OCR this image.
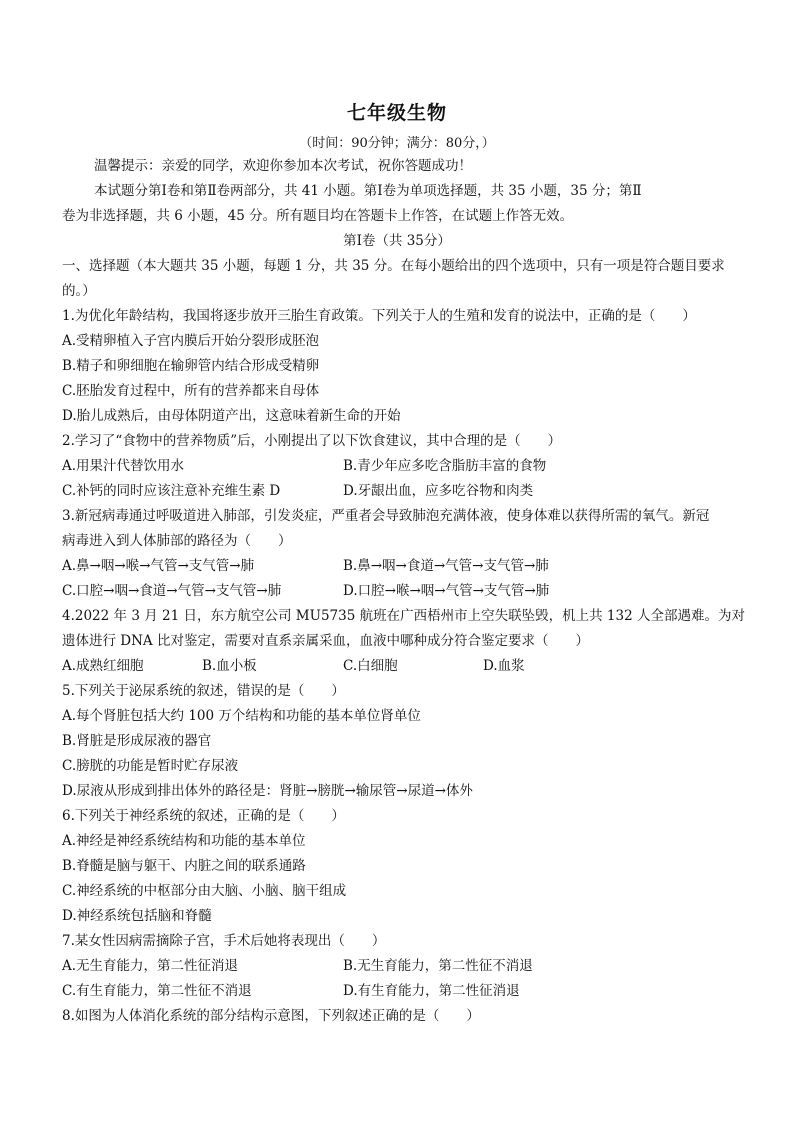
七年级生物
（时间：90分钟；满分：80分，）
温馨提示：亲爱的同学，欢迎你参加本次考试，祝你答题成功！
本试题分第Ⅰ卷和第Ⅱ卷两部分，共 41 小题。第Ⅰ卷为单项选择题，共 35 小题，35 分；第Ⅱ
卷为非选择题，共 6 小题，45 分。所有题目均在答题卡上作答，在试题上作答无效。
第Ⅰ卷（共 35分）
一、选择题（本大题共 35 小题，每题 1 分，共 35 分。在每小题给出的四个选项中，只有一项是符合题目要求
的。）
1.为优化年龄结构，我国将逐步放开三胎生育政策。下列关于人的生殖和发育的说法中，正确的是（　　）
A.受精卵植入子宫内膜后开始分裂形成胚泡
B.精子和卵细胞在输卵管内结合形成受精卵
C.胚胎发育过程中，所有的营养都来自母体
D.胎儿成熟后，由母体阴道产出，这意味着新生命的开始
2.学习了“食物中的营养物质”后，小刚提出了以下饮食建议，其中合理的是（　　）
A.用果汁代替饮用水	B.青少年应多吃含脂肪丰富的食物
C.补钙的同时应该注意补充维生素 D	D.牙龈出血，应多吃谷物和肉类
3.新冠病毒通过呼吸道进入肺部，引发炎症，严重者会导致肺泡充满体液，使身体难以获得所需的氧气。新冠
病毒进入到人体肺部的路径为（　　）
A.鼻→咽→喉→气管→支气管→肺	B.鼻→咽→食道→气管→支气管→肺
C.口腔→咽→食道→气管→支气管→肺	D.口腔→喉→咽→气管→支气管→肺
4.2022 年 3 月 21 日，东方航空公司 MU5735 航班在广西梧州市上空失联坠毁，机上共 132 人全部遇难。为对
遗体进行 DNA 比对鉴定，需要对直系亲属采血，血液中哪种成分符合鉴定要求（　　）
A.成熟红细胞	B.血小板	C.白细胞	D.血浆
5.下列关于泌尿系统的叙述，错误的是（　　）
A.每个肾脏包括大约 100 万个结构和功能的基本单位肾单位
B.肾脏是形成尿液的器官
C.膀胱的功能是暂时贮存尿液
D.尿液从形成到排出体外的路径是：肾脏→膀胱→输尿管→尿道→体外
6.下列关于神经系统的叙述，正确的是（　　）
A.神经是神经系统结构和功能的基本单位
B.脊髓是脑与躯干、内脏之间的联系通路
C.神经系统的中枢部分由大脑、小脑、脑干组成
D.神经系统包括脑和脊髓
7.某女性因病需摘除子宫，手术后她将表现出（　　）
A.无生育能力，第二性征消退	B.无生育能力，第二性征不消退
C.有生育能力，第二性征不消退	D.有生育能力，第二性征消退
8.如图为人体消化系统的部分结构示意图，下列叙述正确的是（　　）
